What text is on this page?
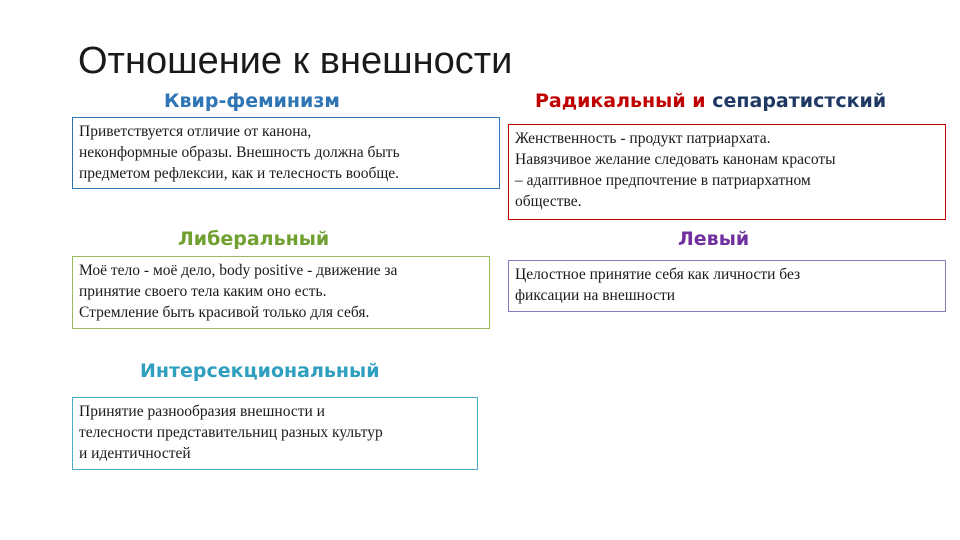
Отношение к внешности
Квир-феминизм

Приветствуется отличие от канона,

неконформные образы. Внешность должна быть

предметом рефлексии, как и телесность вообще.

Радикальный и сепаратистский

Женственность - продукт патриархата.

Навязчивое желание следовать канонам красоты

– адаптивное предпочтение в патриархатном

обществе.

Либеральный

Моё тело - моё дело, body positive - движение за

принятие своего тела каким оно есть.

Стремление быть красивой только для себя.

Левый

Целостное принятие себя как личности без

фиксации на внешности

Интерсекциональный

Принятие разнообразия внешности и

телесности представительниц разных культур

и идентичностей
